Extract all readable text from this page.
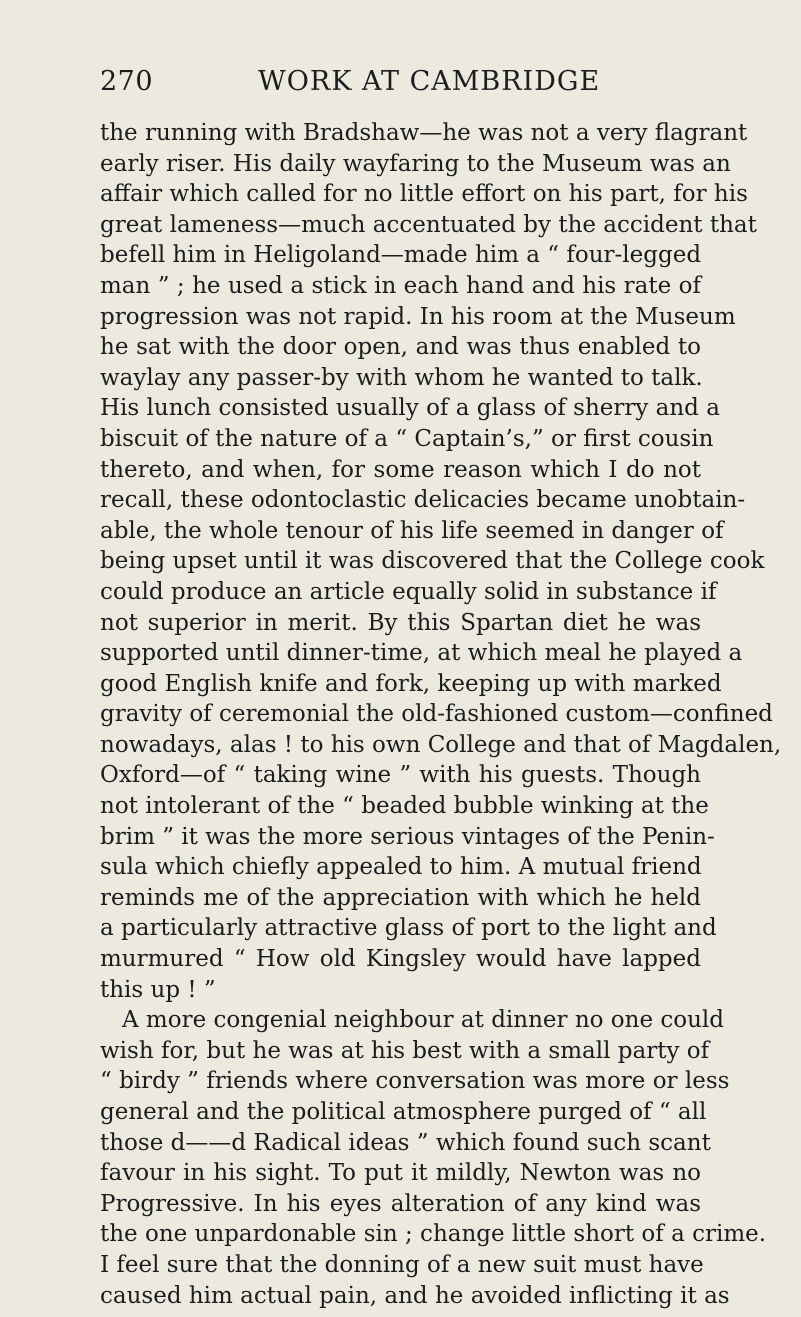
270	WORK AT CAMBRIDGE
the running with Bradshaw—he was not a very flagrant
early riser. His daily wayfaring to the Museum was an
affair which called for no little effort on his part, for his
great lameness—much accentuated by the accident that
befell him in Heligoland—made him a “ four-legged
man ” ; he used a stick in each hand and his rate of
progression was not rapid. In his room at the Museum
he sat with the door open, and was thus enabled to
waylay any passer-by with whom he wanted to talk.
His lunch consisted usually of a glass of sherry and a
biscuit of the nature of a “ Captain’s,” or first cousin
thereto, and when, for some reason which I do not
recall, these odontoclastic delicacies became unobtain-
able, the whole tenour of his life seemed in danger of
being upset until it was discovered that the College cook
could produce an article equally solid in substance if
not superior in merit. By this Spartan diet he was
supported until dinner-time, at which meal he played a
good English knife and fork, keeping up with marked
gravity of ceremonial the old-fashioned custom—confined
nowadays, alas ! to his own College and that of Magdalen,
Oxford—of “ taking wine ” with his guests. Though
not intolerant of the “ beaded bubble winking at the
brim ” it was the more serious vintages of the Penin-
sula which chiefly appealed to him. A mutual friend
reminds me of the appreciation with which he held
a particularly attractive glass of port to the light and
murmured “ How old Kingsley would have lapped
this up ! ”
A more congenial neighbour at dinner no one could
wish for, but he was at his best with a small party of
“ birdy ” friends where conversation was more or less
general and the political atmosphere purged of “ all
those d——d Radical ideas ” which found such scant
favour in his sight. To put it mildly, Newton was no
Progressive. In his eyes alteration of any kind was
the one unpardonable sin ; change little short of a crime.
I feel sure that the donning of a new suit must have
caused him actual pain, and he avoided inflicting it as
